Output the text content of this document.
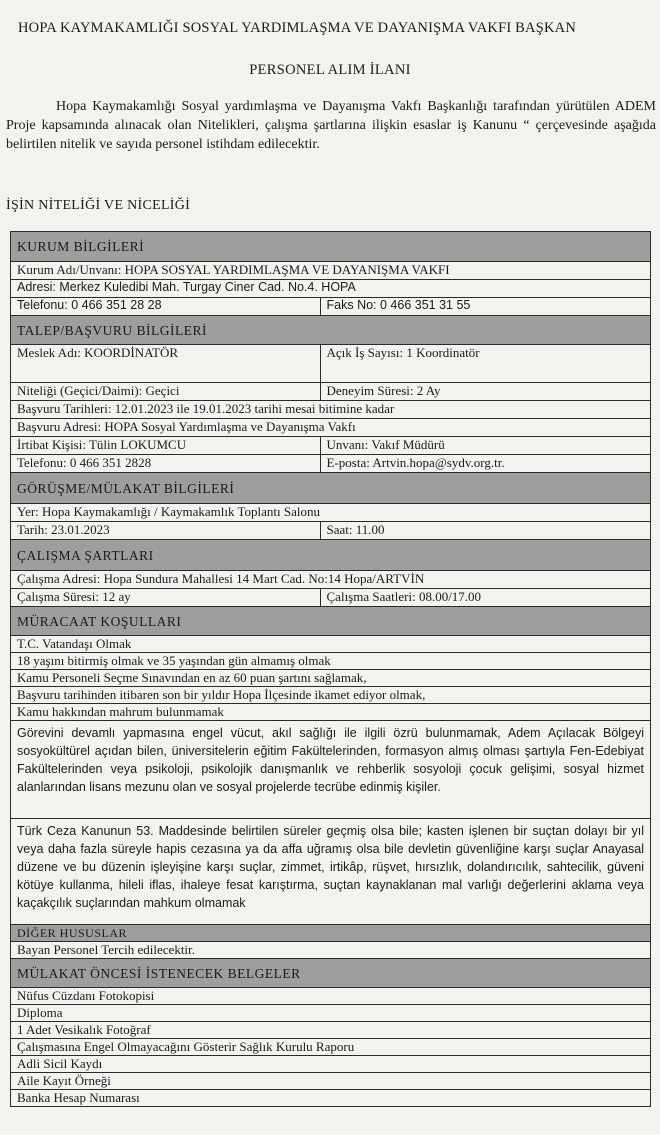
HOPA KAYMAKAMLIĞI SOSYAL YARDIMLAŞMA VE DAYANIŞMA VAKFI BAŞKAN
PERSONEL ALIM İLANI

Hopa Kaymakamlığı Sosyal yardımlaşma ve Dayanışma Vakfı Başkanlığı tarafından yürütülen ADEM Proje kapsamında alınacak olan Nitelikleri, çalışma şartlarına ilişkin esaslar iş Kanunu “ çerçevesinde aşağıda belirtilen nitelik ve sayıda personel istihdam edilecektir.

İŞİN NİTELİĞİ VE NİCELİĞİ
KURUM BİLGİLERİ	
Kurum Adı/Unvanı: HOPA SOSYAL YARDIMLAŞMA VE DAYANIŞMA VAKFI	
Adresi: Merkez Kuledibi Mah. Turgay Ciner Cad. No.4. HOPA	
Telefonu: 0 466 351 28 28	Faks No: 0 466 351 31 55
TALEP/BAŞVURU BİLGİLERİ	
Meslek Adı: KOORDİNATÖR	Açık İş Sayısı: 1 Koordinatör
Niteliği (Geçici/Daimi): Geçici	Deneyim Süresi: 2 Ay
Başvuru Tarihleri: 12.01.2023 ile 19.01.2023 tarihi mesai bitimine kadar	
Başvuru Adresi: HOPA Sosyal Yardımlaşma ve Dayanışma Vakfı	
İrtibat Kişisi: Tülin LOKUMCU	Unvanı: Vakıf Müdürü
Telefonu: 0 466 351 2828	E-posta: Artvin.hopa@sydv.org.tr.
GÖRÜŞME/MÜLAKAT BİLGİLERİ	
Yer: Hopa Kaymakamlığı / Kaymakamlık Toplantı Salonu	
Tarih: 23.01.2023	Saat: 11.00
ÇALIŞMA ŞARTLARI	
Çalışma Adresi: Hopa Sundura Mahallesi 14 Mart Cad. No:14 Hopa/ARTVİN	
Çalışma Süresi: 12 ay	Çalışma Saatleri: 08.00/17.00
MÜRACAAT KOŞULLARI	
T.C. Vatandaşı Olmak	
18 yaşını bitirmiş olmak ve 35 yaşından gün almamış olmak	
Kamu Personeli Seçme Sınavından en az 60 puan şartını sağlamak,	
Başvuru tarihinden itibaren son bir yıldır Hopa İlçesinde ikamet ediyor olmak,	
Kamu hakkından mahrum bulunmamak	
Görevini devamlı yapmasına engel vücut, akıl sağlığı ile ilgili özrü bulunmamak, Adem Açılacak Bölgeyi sosyokültürel açıdan bilen, üniversitelerin eğitim Fakültelerinden, formasyon almış olması şartıyla Fen-Edebiyat Fakültelerinden veya psikoloji, psikolojik danışmanlık ve rehberlik sosyoloji çocuk gelişimi, sosyal hizmet alanlarından lisans mezunu olan ve sosyal projelerde tecrübe edinmiş kişiler.	
Türk Ceza Kanunun 53. Maddesinde belirtilen süreler geçmiş olsa bile; kasten işlenen bir suçtan dolayı bir yıl veya daha fazla süreyle hapis cezasına ya da affa uğramış olsa bile devletin güvenliğine karşı suçlar Anayasal düzene ve bu düzenin işleyişine karşı suçlar, zimmet, irtikâp, rüşvet, hırsızlık, dolandırıcılık, sahtecilik, güveni kötüye kullanma, hileli iflas, ihaleye fesat karıştırma, suçtan kaynaklanan mal varlığı değerlerini aklama veya kaçakçılık suçlarından mahkum olmamak	
DİĞER HUSUSLAR	
Bayan Personel Tercih edilecektir.	
MÜLAKAT ÖNCESİ İSTENECEK BELGELER	
Nüfus Cüzdanı Fotokopisi	
Diploma	
1 Adet Vesikalık Fotoğraf	
Çalışmasına Engel Olmayacağını Gösterir Sağlık Kurulu Raporu	
Adli Sicil Kaydı	
Aile Kayıt Örneği	
Banka Hesap Numarası	
